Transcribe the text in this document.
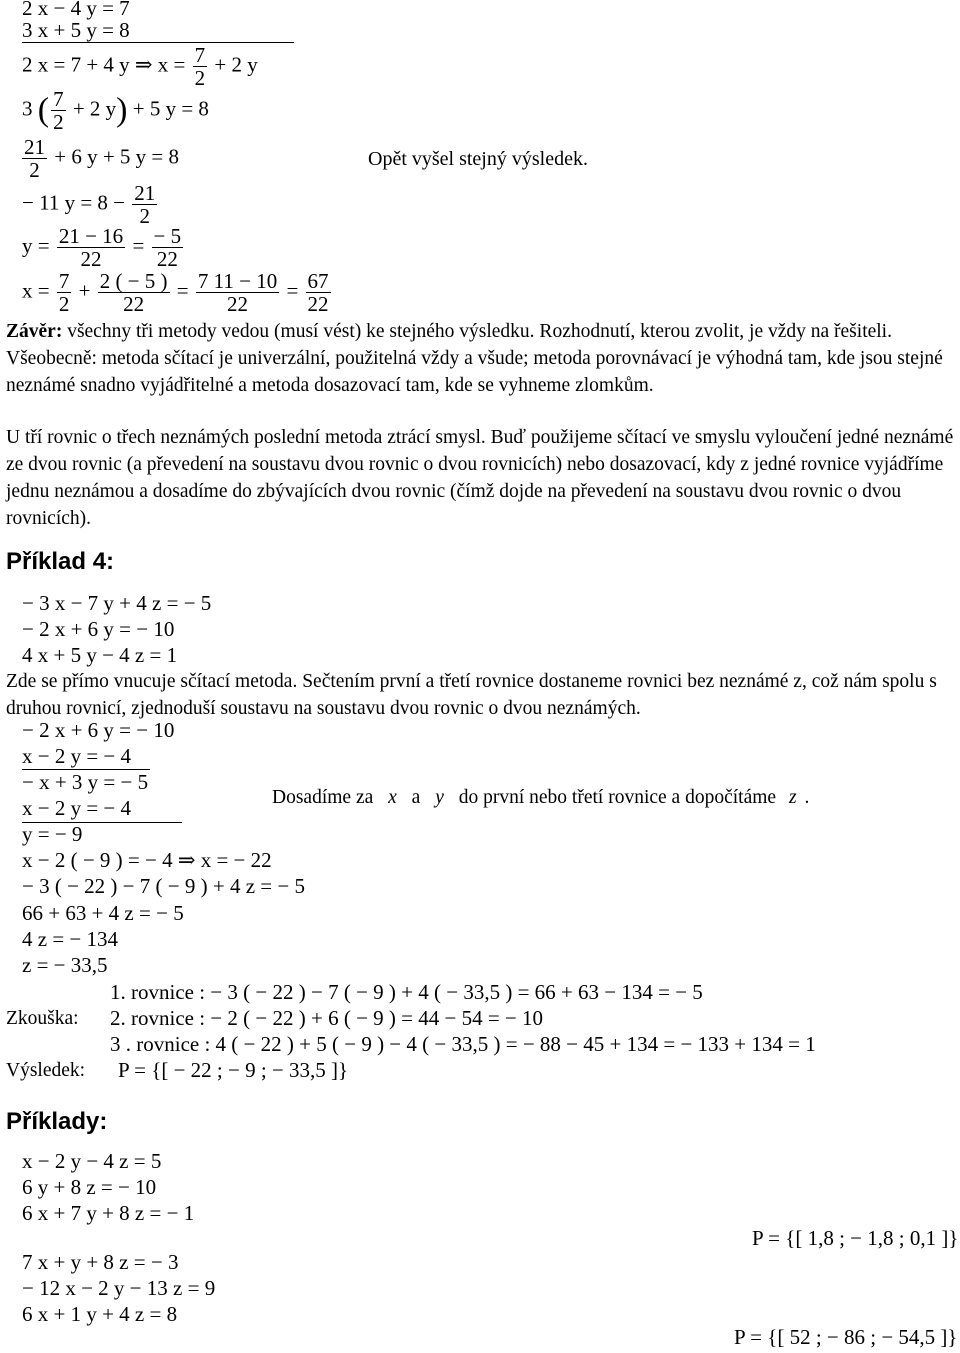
2 x − 4 y = 7
3 x + 5 y = 8
2 x = 7 + 4 y ⇒ $x = \frac{7}{2} + 2$ y
3 ( $\frac{7}{2} + 2$ y) + 5 y = 8
$\frac{21}{2} + 6$ y + 5 y = 8	Opět vyšel stejný výsledek.
− 11 $y = 8 - \frac{21}{2}$
$y = \frac{21 - 16}{22} = \frac{- 5}{22}$
$x = \frac{7}{2} + \frac{2 ( - 5 )}{22} = \frac{7 11 - 10}{22} = \frac{67}{22}$
Závěr: všechny tři metody vedou (musí vést) ke stejného výsledku. Rozhodnutí, kterou zvolit, je vždy na řešiteli. Všeobecně: metoda sčítací je univerzální, použitelná vždy a všude; metoda porovnávací je výhodná tam, kde jsou stejné neznámé snadno vyjádřitelné a metoda dosazovací tam, kde se vyhneme zlomkům.
U tří rovnic o třech neznámých poslední metoda ztrácí smysl. Buď použijeme sčítací ve smyslu vyloučení jedné neznámé ze dvou rovnic (a převedení na soustavu dvou rovnic o dvou rovnicích) nebo dosazovací, kdy z jedné rovnice vyjádříme jednu neznámou a dosadíme do zbývajících dvou rovnic (čímž dojde na převedení na soustavu dvou rovnic o dvou rovnicích).
Příklad 4:
− 3 x − 7 y + 4 z = − 5
− 2 x + 6 y = − 10
4 x + 5 y − 4 z = 1
Zde se přímo vnucuje sčítací metoda. Sečtením první a třetí rovnice dostaneme rovnici bez neznámé z, což nám spolu s druhou rovnicí, zjednoduší soustavu na soustavu dvou rovnic o dvou neznámých.
− 2 x + 6 y = − 10
x − 2 y = − 4
− x + 3 y = − 5
x − 2 y = − 4
y = − 9
x − 2 ( − 9 ) = − 4 ⇒ x = − 22
− 3 ( − 22 ) − 7 ( − 9 ) + 4 z = − 5
66 + 63 + 4 z = − 5
4 z = − 134
z = − 33,5
Dosadíme za x a y do první nebo třetí rovnice a dopočítáme z .
1. rovnice : − 3 ( − 22 ) − 7 ( − 9 ) + 4 ( − 33,5 ) = 66 + 63 − 134 = − 5
Zkouška: 2. rovnice : − 2 ( − 22 ) + 6 ( − 9 ) = 44 − 54 = − 10
3 . rovnice : 4 ( − 22 ) + 5 ( − 9 ) − 4 ( − 33,5 ) = − 88 − 45 + 134 = − 133 + 134 = 1
Výsledek: P = {[ − 22 ; − 9 ; − 33,5 ]}
Příklady:
x − 2 y − 4 z = 5
6 y + 8 z = − 10
6 x + 7 y + 8 z = − 1
P = {[ 1,8 ; − 1,8 ; 0,1 ]}
7 x + y + 8 z = − 3
− 12 x − 2 y − 13 z = 9
6 x + 1 y + 4 z = 8
P = {[ 52 ; − 86 ; − 54,5 ]}
